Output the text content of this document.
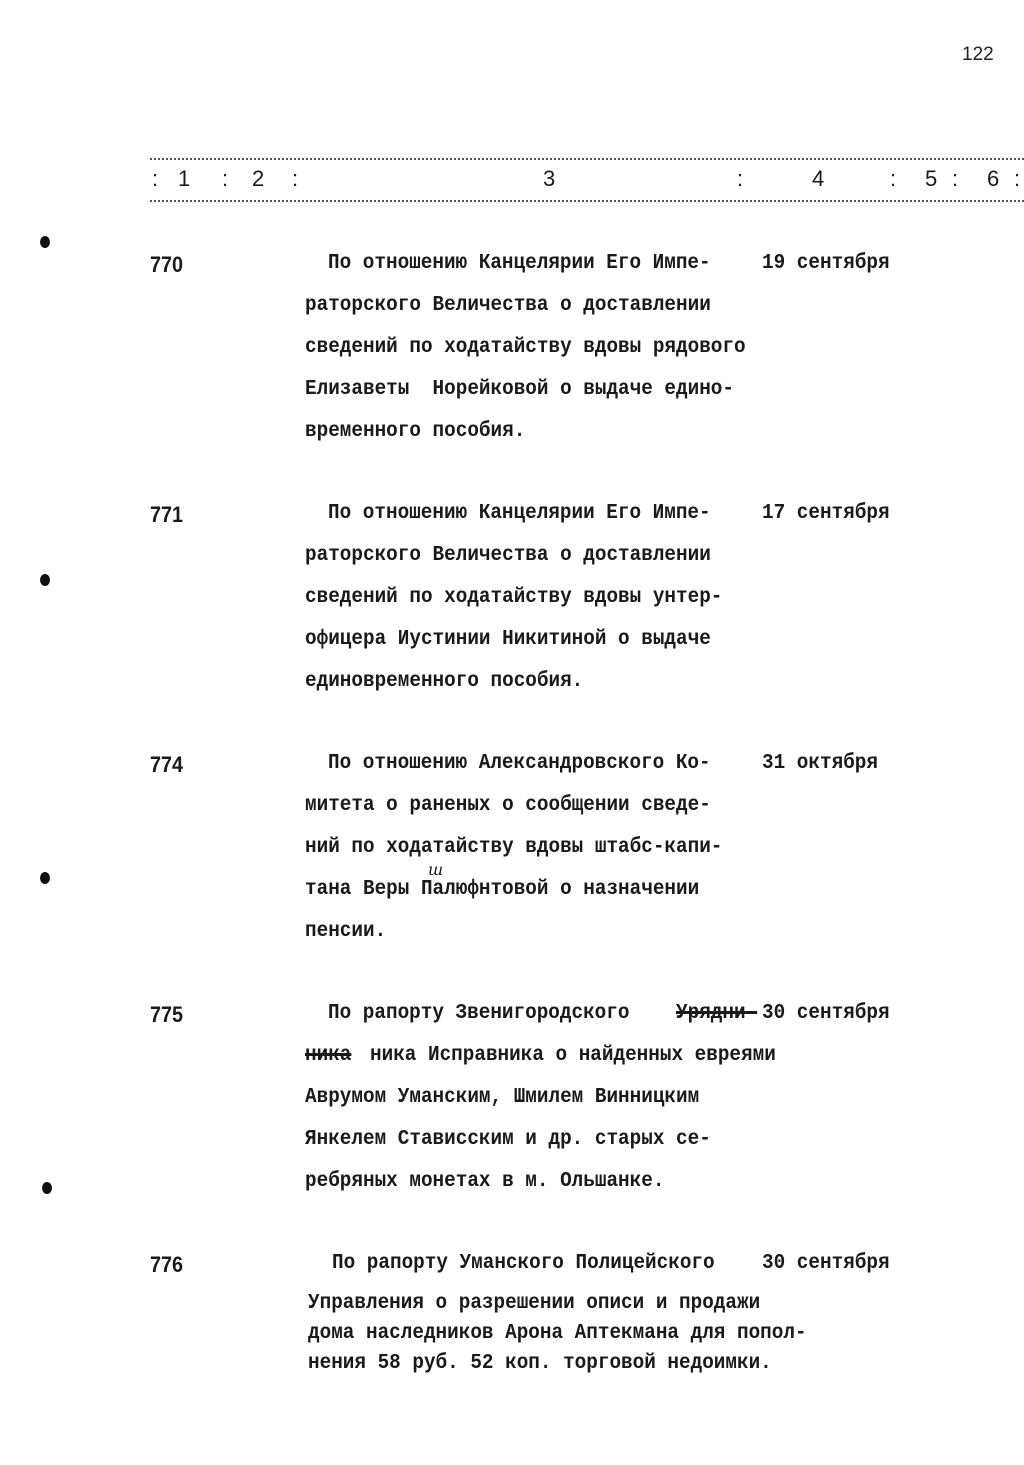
122
: 1 : 2 :	3	:	4	: 5 : 6 :
770	По отношению Канцелярии Его Импе- 19 сентября
раторского Величества о доставлении
сведений по ходатайству вдовы рядового
Елизаветы  Норейковой о выдаче едино-
временного пособия.
771	По отношению Канцелярии Его Импе- 17 сентября
раторского Величества о доставлении
сведений по ходатайству вдовы унтер-
офицера Иустинии Никитиной о выдаче
единовременного пособия.
774	По отношению Александровского Ко- 31 октября
митета о раненых о сообщении сведе-
ний по ходатайству вдовы штабс-капи-
ш
тана Веры Палюфнтовой о назначении
пенсии.
775	По рапорту Звенигородского Урядни- 30 сентября
ника ника Исправника о найденных евреями
Аврумом Уманским, Шмилем Винницким
Янкелем Стависским и др. старых се-
ребряных монетах в м. Ольшанке.
776	По рапорту Уманского Полицейского 30 сентября
Управления о разрешении описи и продажи
дома наследников Арона Аптекмана для попол-
нения 58 руб. 52 коп. торговой недоимки.
